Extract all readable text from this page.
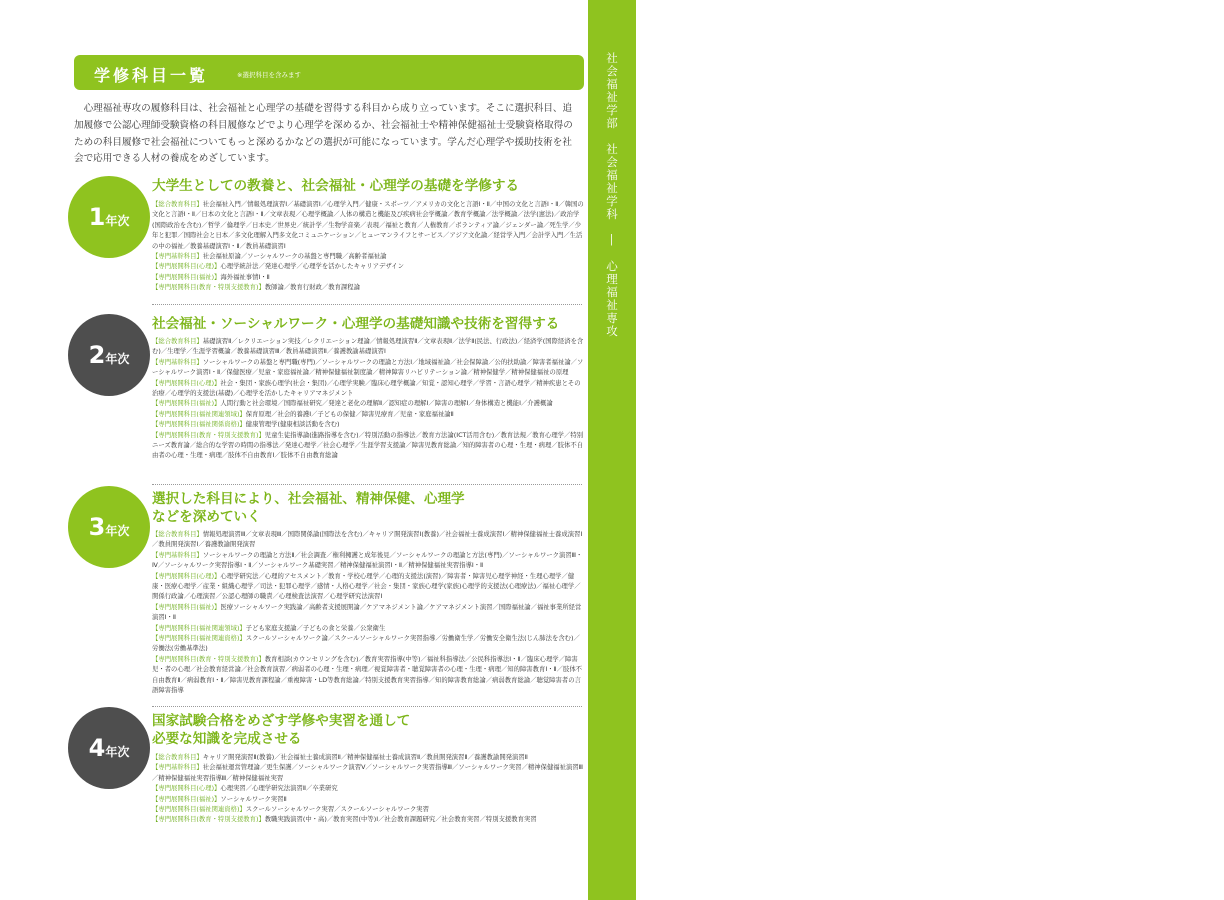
社会福祉学部　社会福祉学科　―　心理福祉専攻
19
学修科目一覧	※選択科目を含みます

心理福祉専攻の履修科目は、社会福祉と心理学の基礎を習得する科目から成り立っています。そこに選択科目、追加履修で公認心理師受験資格の科目履修などでより心理学を深めるか、社会福祉士や精神保健福祉士受験資格取得のための科目履修で社会福祉についてもっと深めるかなどの選択が可能になっています。学んだ心理学や援助技術を社会で応用できる人材の養成をめざしています。

1年次
大学生としての教養と、社会福祉・心理学の基礎を学修する
【総合教育科目】社会福祉入門／情報処理演習Ⅰ／基礎演習Ⅰ／心理学入門／健康・スポーツ／アメリカの文化と言語Ⅰ・Ⅱ／中国の文化と言語Ⅰ・Ⅱ／韓国の文化と言語Ⅰ・Ⅱ／日本の文化と言語Ⅰ・Ⅱ／文章表現／心理学概論／人体の構造と機能及び疾病社会学概論／教育学概論／法学概論／法学(憲法)／政治学(国際政治を含む)／哲学／倫理学／日本史／世界史／統計学／生物学音楽／表現／福祉と教育／人権教育／ボランティア論／ジェンダー論／死生学／少年と犯罪／国際社会と日本／多文化理解入門多文化コミュニケーション／ヒューマンライフとサービス／アジア文化論／経営学入門／会計学入門／生活の中の福祉／教養基礎演習Ⅰ・Ⅱ／教員基礎演習Ⅰ
【専門基幹科目】社会福祉原論／ソーシャルワークの基盤と専門職／高齢者福祉論
【専門展開科目(心理)】心理学統計法／発達心理学／心理学を活かしたキャリアデザイン
【専門展開科目(福祉)】海外福祉事情Ⅰ・Ⅱ
【専門展開科目(教育・特別支援教育)】教師論／教育行財政／教育課程論
2年次
社会福祉・ソーシャルワーク・心理学の基礎知識や技術を習得する
【総合教育科目】基礎演習Ⅱ／レクリエーション実技／レクリエーション理論／情報処理演習Ⅱ／文章表現Ⅱ／法学Ⅱ(民法、行政法)／経済学(国際経済を含む)／生理学／生涯学習概論／教養基礎演習Ⅲ／教員基礎演習Ⅱ／養護教諭基礎演習Ⅰ
【専門基幹科目】ソーシャルワークの基盤と専門職(専門)／ソーシャルワークの理論と方法Ⅰ／地域福祉論／社会保障論／公的扶助論／障害者福祉論／ソーシャルワーク演習Ⅰ・Ⅱ／保健医療／児童・家庭福祉論／精神保健福祉制度論／精神障害リハビリテーション論／精神保健学／精神保健福祉の原理
【専門展開科目(心理)】社会・集団・家族心理学(社会・集団)／心理学実験／臨床心理学概論／知覚・認知心理学／学習・言語心理学／精神疾患とその治療／心理学的支援法(基礎)／心理学を活かしたキャリアマネジメント
【専門展開科目(福祉)】人間行動と社会環境／国際福祉研究／発達と老化の理解Ⅱ／認知症の理解Ⅰ／障害の理解Ⅰ／身体構造と機能Ⅰ／介護概論
【専門展開科目(福祉関連領域)】保育原理／社会的養護Ⅰ／子どもの保健／障害児療育／児童・家庭福祉論Ⅱ
【専門展開科目(福祉関係資格)】健康管理学(健康相談活動を含む)
【専門展開科目(教育・特別支援教育)】児童生徒指導論(進路指導を含む)／特別活動の指導法／教育方法論(ICT活用含む)／教育法規／教育心理学／特別ニーズ教育論／総合的な学習の時間の指導法／発達心理学／社会心理学／生涯学習支援論／障害児教育総論／知的障害者の心理・生理・病理／肢体不自由者の心理・生理・病理／肢体不自由教育Ⅰ／肢体不自由教育総論
3年次
選択した科目により、社会福祉、精神保健、心理学
などを深めていく
【総合教育科目】情報処理演習Ⅲ／文章表現Ⅲ／国際関係論(国際法を含む)／キャリア開発演習Ⅰ(教養)／社会福祉士養成演習Ⅰ／精神保健福祉士養成演習Ⅰ／教員開発演習Ⅰ／養護教諭開発演習
【専門基幹科目】ソーシャルワークの理論と方法Ⅱ／社会調査／権利擁護と成年後見／ソーシャルワークの理論と方法(専門)／ソーシャルワーク演習Ⅲ・Ⅳ／ソーシャルワーク実習指導Ⅰ・Ⅱ／ソーシャルワーク基礎実習／精神保健福祉演習Ⅰ・Ⅱ／精神保健福祉実習指導Ⅰ・Ⅱ
【専門展開科目(心理)】心理学研究法／心理的アセスメント／教育・学校心理学／心理的支援法(演習)／障害者・障害児心理学神経・生理心理学／健康・医療心理学／産業・組織心理学／司法・犯罪心理学／感情・人格心理学／社会・集団・家族心理学(家族)心理学的支援法(心理療法)／福祉心理学／関係行政論／心理演習／公認心理師の職責／心理検査法演習／心理学研究法演習Ⅰ
【専門展開科目(福祉)】医療ソーシャルワーク実践論／高齢者支援展開論／ケアマネジメント論／ケアマネジメント演習／国際福祉論／福祉事業所経営演習Ⅰ・Ⅱ
【専門展開科目(福祉関連領域)】子ども家庭支援論／子どもの食と栄養／公衆衛生
【専門展開科目(福祉関連資格)】スクールソーシャルワーク論／スクールソーシャルワーク実習指導／労働衛生学／労働安全衛生法(じん肺法を含む)／労働法(労働基準法)
【専門展開科目(教育・特別支援教育)】教育相談(カウンセリングを含む)／教育実習指導(中等)／福祉科指導法／公民科指導法Ⅰ・Ⅱ／臨床心理学／障害児・者の心理／社会教育経営論／社会教育演習／病弱者の心理・生理・病理／視覚障害者・聴覚障害者の心理・生理・病理／知的障害教育Ⅰ・Ⅱ／肢体不自由教育Ⅱ／病弱教育Ⅰ・Ⅱ／障害児教育課程論／重複障害・LD等教育総論／特別支援教育実習指導／知的障害教育総論／病弱教育総論／聴覚障害者の言語障害指導
4年次
国家試験合格をめざす学修や実習を通して
必要な知識を完成させる
【総合教育科目】キャリア開発演習Ⅱ(教養)／社会福祉士養成演習Ⅱ／精神保健福祉士養成演習Ⅱ／教員開発演習Ⅱ／養護教諭開発演習Ⅱ
【専門基幹科目】社会福祉運営管理論／更生保護／ソーシャルワーク演習Ⅴ／ソーシャルワーク実習指導Ⅲ／ソーシャルワーク実習／精神保健福祉演習Ⅲ／精神保健福祉実習指導Ⅲ／精神保健福祉実習
【専門展開科目(心理)】心理実習／心理学研究法演習Ⅱ／卒業研究
【専門展開科目(福祉)】ソーシャルワーク実習Ⅱ
【専門展開科目(福祉関連資格)】スクールソーシャルワーク実習／スクールソーシャルワーク実習
【専門展開科目(教育・特別支援教育)】教職実践演習(中・高)／教育実習(中等)Ⅰ／社会教育課題研究／社会教育実習／特別支援教育実習
